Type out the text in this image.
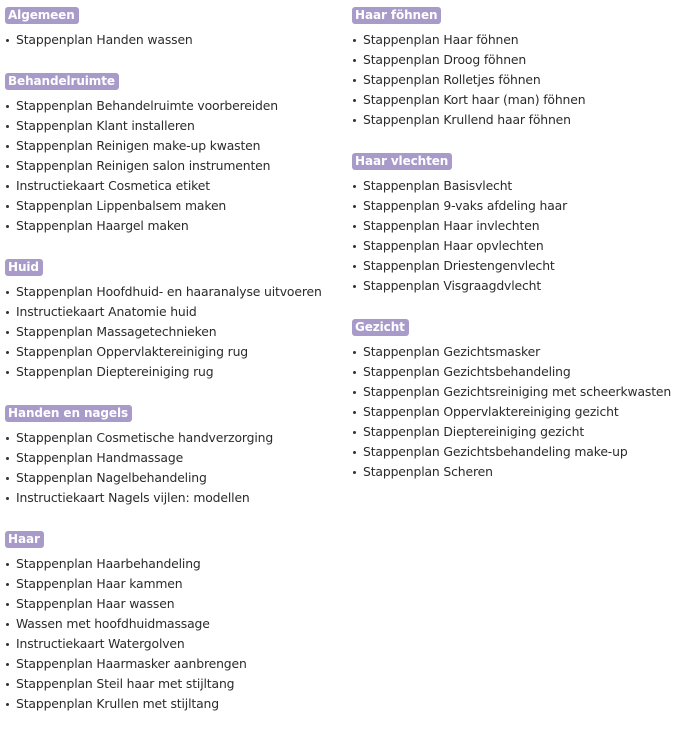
Algemeen
Stappenplan Handen wassen
Behandelruimte
Stappenplan Behandelruimte voorbereiden
Stappenplan Klant installeren
Stappenplan Reinigen make-up kwasten
Stappenplan Reinigen salon instrumenten
Instructiekaart Cosmetica etiket
Stappenplan Lippenbalsem maken
Stappenplan Haargel maken
Huid
Stappenplan Hoofdhuid- en haaranalyse uitvoeren
Instructiekaart Anatomie huid
Stappenplan Massagetechnieken
Stappenplan Oppervlaktereiniging rug
Stappenplan Dieptereiniging rug
Handen en nagels
Stappenplan Cosmetische handverzorging
Stappenplan Handmassage
Stappenplan Nagelbehandeling
Instructiekaart Nagels vijlen: modellen
Haar
Stappenplan Haarbehandeling
Stappenplan Haar kammen
Stappenplan Haar wassen
Wassen met hoofdhuidmassage
Instructiekaart Watergolven
Stappenplan Haarmasker aanbrengen
Stappenplan Steil haar met stijltang
Stappenplan Krullen met stijltang
Haar föhnen
Stappenplan Haar föhnen
Stappenplan Droog föhnen
Stappenplan Rolletjes föhnen
Stappenplan Kort haar (man) föhnen
Stappenplan Krullend haar föhnen
Haar vlechten
Stappenplan Basisvlecht
Stappenplan 9-vaks afdeling haar
Stappenplan Haar invlechten
Stappenplan Haar opvlechten
Stappenplan Driestengenvlecht
Stappenplan Visgraagdvlecht
Gezicht
Stappenplan Gezichtsmasker
Stappenplan Gezichtsbehandeling
Stappenplan Gezichtsreiniging met scheerkwasten
Stappenplan Oppervlaktereiniging gezicht
Stappenplan Dieptereiniging gezicht
Stappenplan Gezichtsbehandeling make-up
Stappenplan Scheren
